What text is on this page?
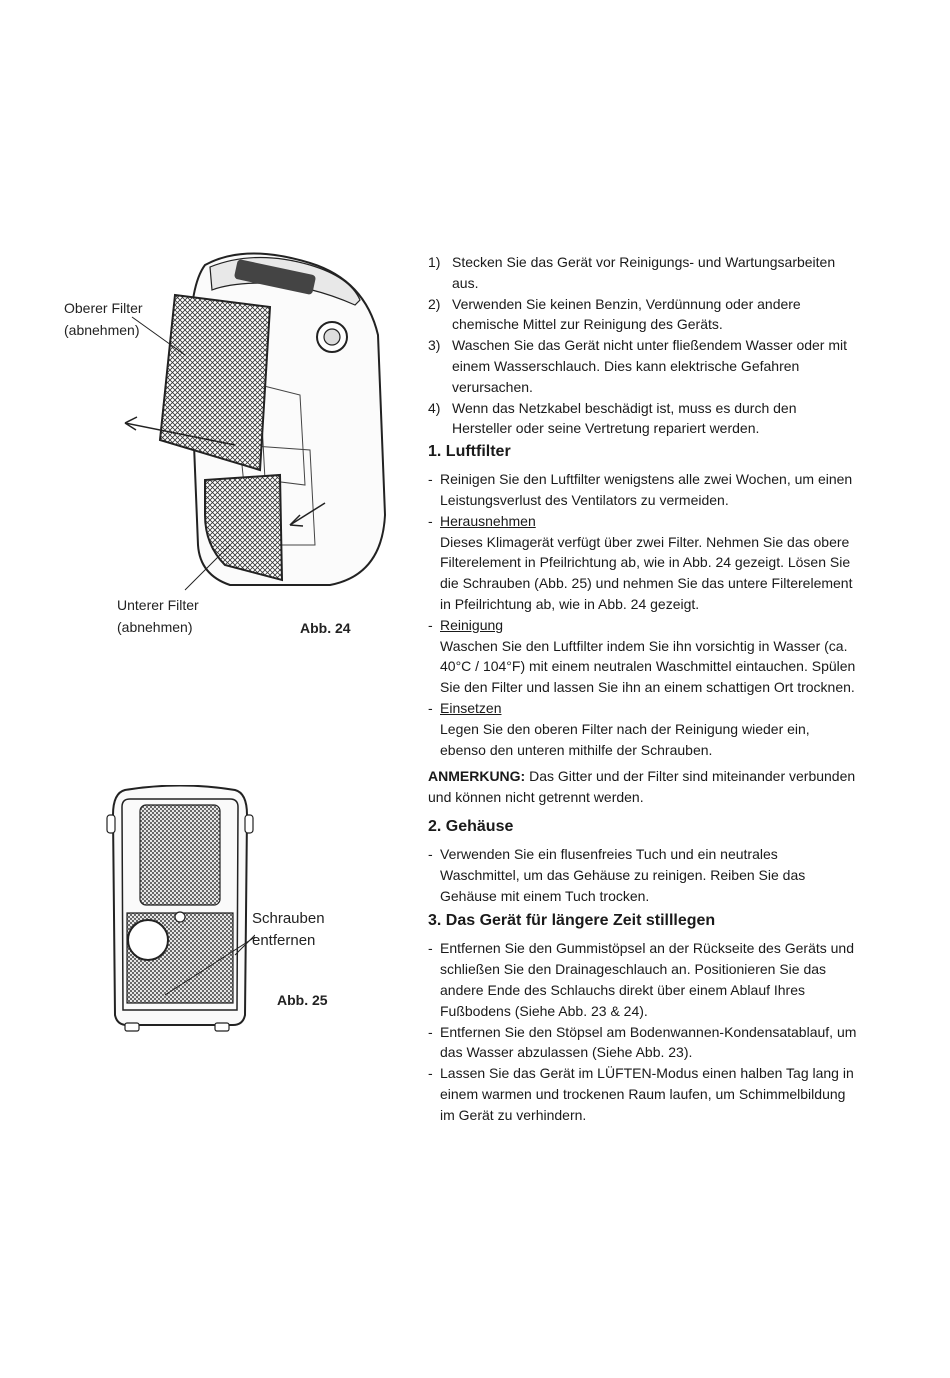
Oberer Filter
(abnehmen)
Unterer Filter
(abnehmen)	Abb. 24
Schrauben
entfernen
Abb. 25
1) Stecken Sie das Gerät vor Reinigungs- und Wartungsarbeiten aus.
2) Verwenden Sie keinen Benzin, Verdünnung oder andere chemische Mittel zur Reinigung des Geräts.
3) Waschen Sie das Gerät nicht unter fließendem Wasser oder mit einem Wasserschlauch. Dies kann elektrische Gefahren verursachen.
4) Wenn das Netzkabel beschädigt ist, muss es durch den Hersteller oder seine Vertretung repariert werden.
1. Luftfilter
- Reinigen Sie den Luftfilter wenigstens alle zwei Wochen, um einen Leistungsverlust des Ventilators zu vermeiden.
- Herausnehmen
Dieses Klimagerät verfügt über zwei Filter. Nehmen Sie das obere Filterelement in Pfeilrichtung ab, wie in Abb. 24 gezeigt. Lösen Sie die Schrauben (Abb. 25) und nehmen Sie das untere Filterelement in Pfeilrichtung ab, wie in Abb. 24 gezeigt.
- Reinigung
Waschen Sie den Luftfilter indem Sie ihn vorsichtig in Wasser (ca. 40°C / 104°F) mit einem neutralen Waschmittel eintauchen. Spülen Sie den Filter und lassen Sie ihn an einem schattigen Ort trocknen.
- Einsetzen
Legen Sie den oberen Filter nach der Reinigung wieder ein, ebenso den unteren mithilfe der Schrauben.
ANMERKUNG: Das Gitter und der Filter sind miteinander verbunden und können nicht getrennt werden.
2. Gehäuse
- Verwenden Sie ein flusenfreies Tuch und ein neutrales Waschmittel, um das Gehäuse zu reinigen. Reiben Sie das Gehäuse mit einem Tuch trocken.
3. Das Gerät für längere Zeit stilllegen
- Entfernen Sie den Gummistöpsel an der Rückseite des Geräts und schließen Sie den Drainageschlauch an. Positionieren Sie das andere Ende des Schlauchs direkt über einem Ablauf Ihres Fußbodens (Siehe Abb. 23 & 24).
- Entfernen Sie den Stöpsel am Bodenwannen-Kondensatablauf, um das Wasser abzulassen (Siehe Abb. 23).
- Lassen Sie das Gerät im LÜFTEN-Modus einen halben Tag lang in einem warmen und trockenen Raum laufen, um Schimmelbildung im Gerät zu verhindern.
